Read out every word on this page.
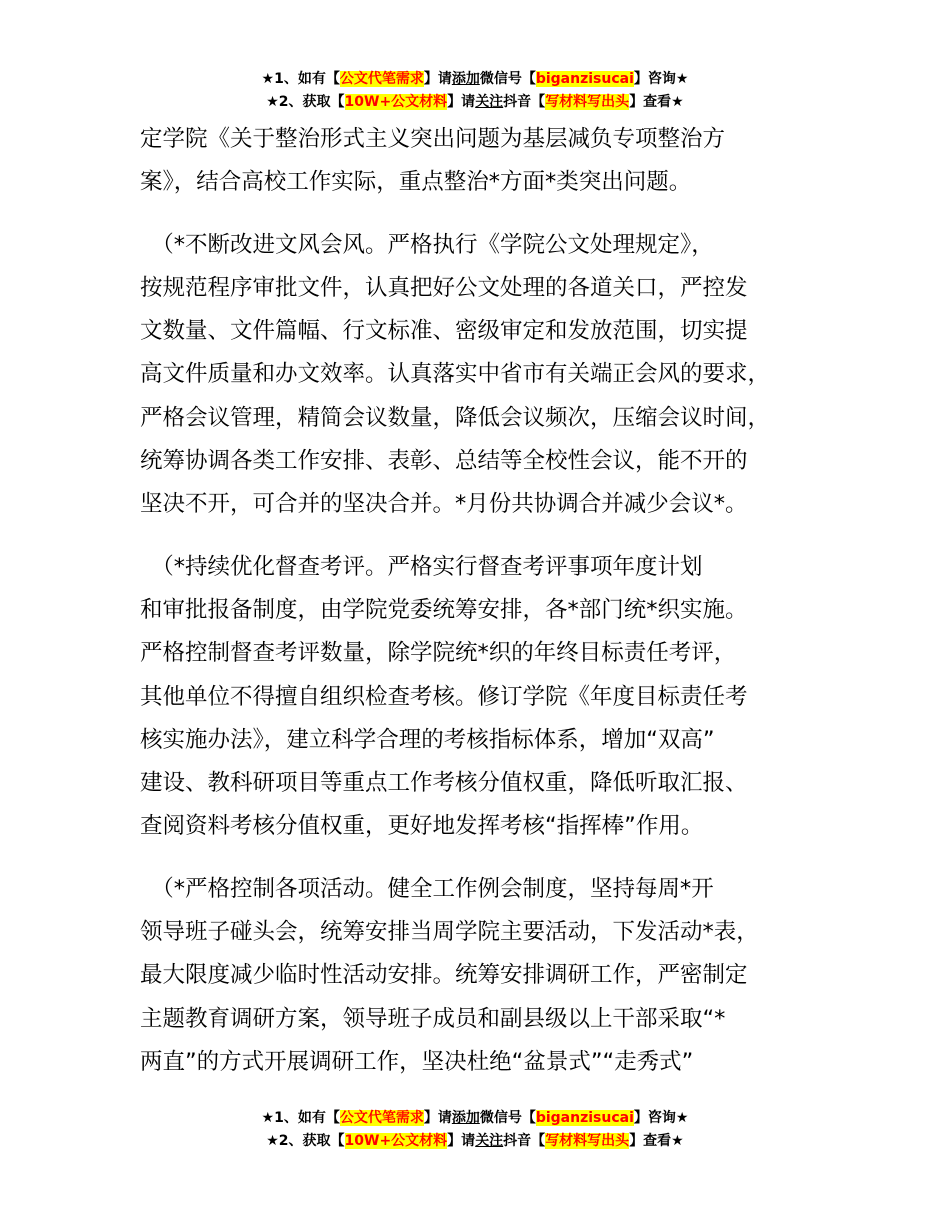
★1、如有【公文代笔需求】请添加微信号【biganzisucai】咨询★
★2、获取【10W+公文材料】请关注抖音【写材料写出头】查看★
定学院《关于整治形式主义突出问题为基层减负专项整治方
案》，结合高校工作实际，重点整治*方面*类突出问题。
　（*不断改进文风会风。严格执行《学院公文处理规定》，
按规范程序审批文件，认真把好公文处理的各道关口，严控发
文数量、文件篇幅、行文标准、密级审定和发放范围，切实提
高文件质量和办文效率。认真落实中省市有关端正会风的要求，
严格会议管理，精简会议数量，降低会议频次，压缩会议时间，
统筹协调各类工作安排、表彰、总结等全校性会议，能不开的
坚决不开，可合并的坚决合并。*月份共协调合并减少会议*。
　（*持续优化督查考评。严格实行督查考评事项年度计划
和审批报备制度，由学院党委统筹安排，各*部门统*织实施。
严格控制督查考评数量，除学院统*织的年终目标责任考评，
其他单位不得擅自组织检查考核。修订学院《年度目标责任考
核实施办法》，建立科学合理的考核指标体系，增加“双高”
建设、教科研项目等重点工作考核分值权重，降低听取汇报、
查阅资料考核分值权重，更好地发挥考核“指挥棒”作用。
　（*严格控制各项活动。健全工作例会制度，坚持每周*开
领导班子碰头会，统筹安排当周学院主要活动，下发活动*表，
最大限度减少临时性活动安排。统筹安排调研工作，严密制定
主题教育调研方案，领导班子成员和副县级以上干部采取“*
两直”的方式开展调研工作，坚决杜绝“盆景式”“走秀式”
★1、如有【公文代笔需求】请添加微信号【biganzisucai】咨询★
★2、获取【10W+公文材料】请关注抖音【写材料写出头】查看★
